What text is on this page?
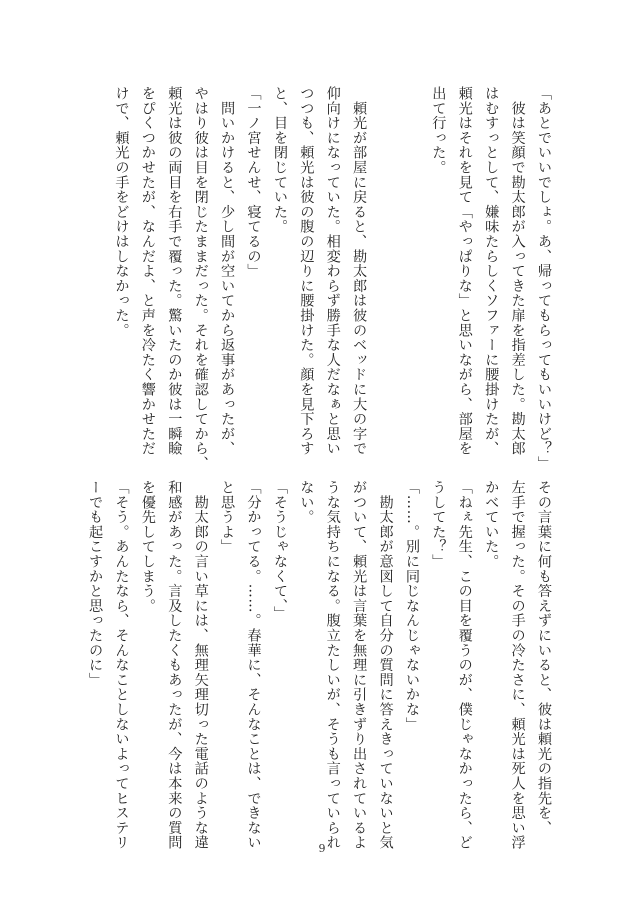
「あとでいいでしょ。あ、帰ってもらってもいいけど？」
　彼は笑顔で勘太郎が入ってきた扉を指差した。勘太郎
はむすっとして、嫌味たらしくソファーに腰掛けたが、
頼光はそれを見て「やっぱりな」と思いながら、部屋を
出て行った。

　頼光が部屋に戻ると、勘太郎は彼のベッドに大の字で
仰向けになっていた。相変わらず勝手な人だなぁと思い
つつも、頼光は彼の腹の辺りに腰掛けた。顔を見下ろす
と、目を閉じていた。
「一ノ宮せんせ、寝てるの」
　問いかけると、少し間が空いてから返事があったが、
やはり彼は目を閉じたままだった。それを確認してから、
頼光は彼の両目を右手で覆った。驚いたのか彼は一瞬瞼
をぴくつかせたが、なんだよ、と声を冷たく響かせただ
けで、頼光の手をどけはしなかった。
その言葉に何も答えずにいると、彼は頼光の指先を、
左手で握った。その手の冷たさに、頼光は死人を思い浮
かべていた。
「ねぇ先生、この目を覆うのが、僕じゃなかったら、ど
うしてた？」
「……。別に同じなんじゃないかな」
　勘太郎が意図して自分の質問に答えきっていないと気
がついて、頼光は言葉を無理に引きずり出されているよ
うな気持ちになる。腹立たしいが、そうも言っていられ
ない。
「そうじゃなくて、」
「分かってる。……。春華に、そんなことは、できない
と思うよ」
　勘太郎の言い草には、無理矢理切った電話のような違
和感があった。言及したくもあったが、今は本来の質問
を優先してしまう。
「そう。あんたなら、そんなことしないよってヒステリ
ーでも起こすかと思ったのに」
9
